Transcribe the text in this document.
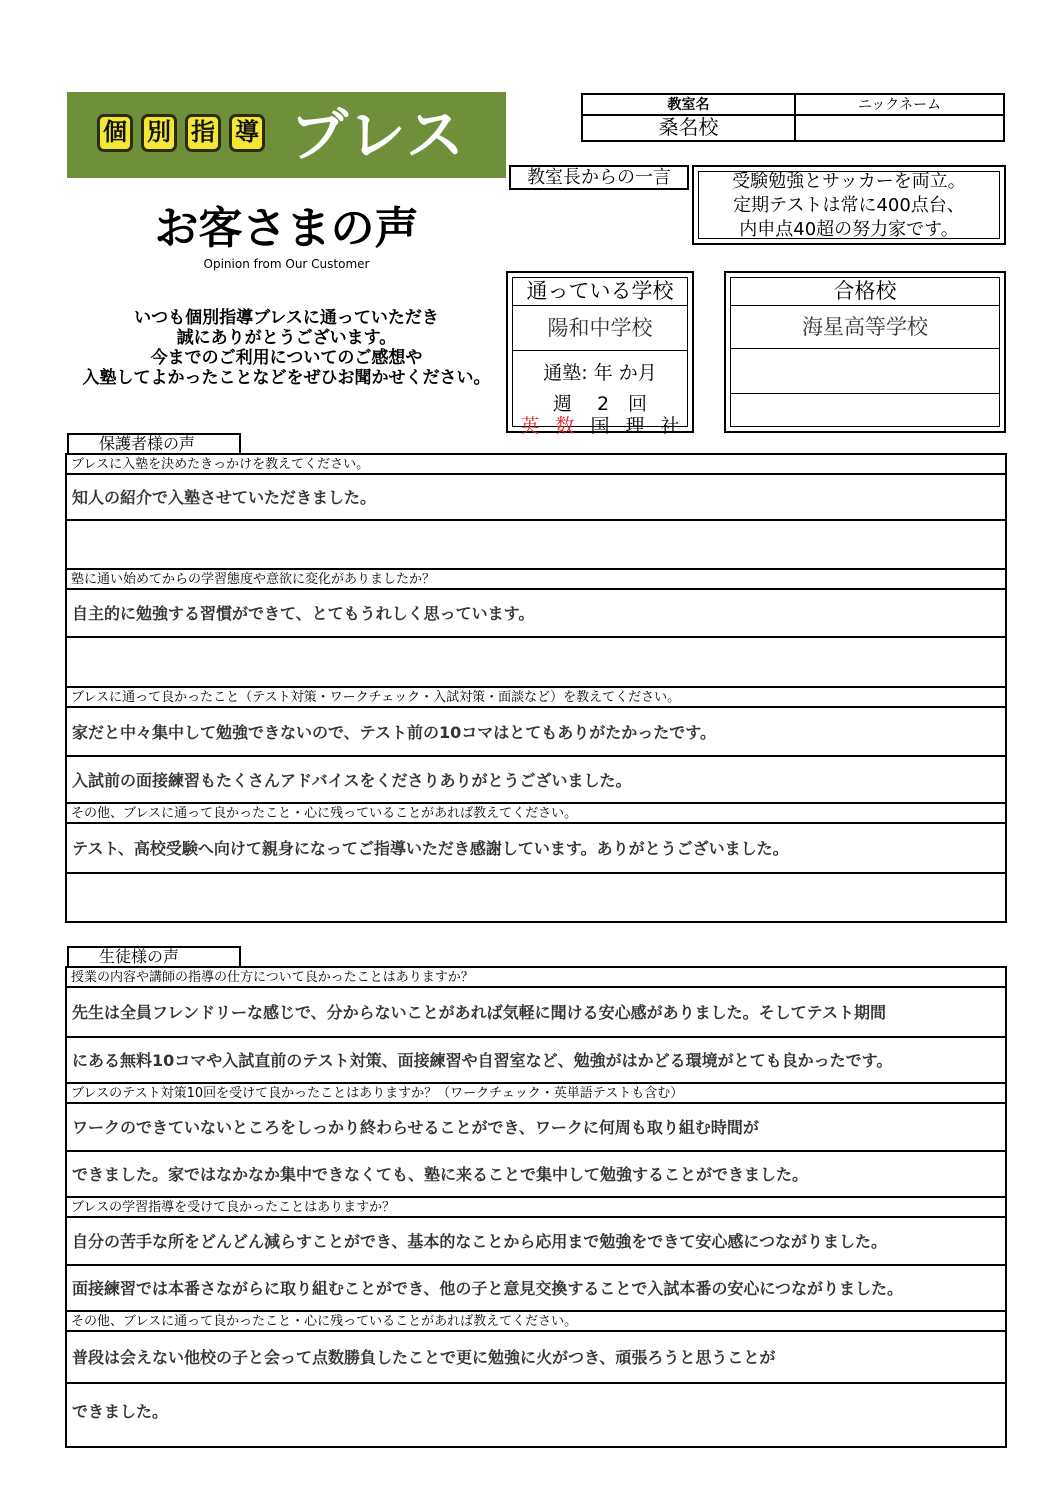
個 別 指 導 ブレス
お客さまの声
Opinion from Our Customer
いつも個別指導ブレスに通っていただき
誠にありがとうございます。
今までのご利用についてのご感想や
入塾してよかったことなどをぜひお聞かせください。
教室名	ニックネーム
桑名校
教室長からの一言	受験勉強とサッカーを両立。
定期テストは常に400点台、
内申点40超の努力家です。
通っている学校
陽和中学校
通塾: 年 か月
週　 2　回
英 数 国 理 社
合格校
海星高等学校
保護者様の声
ブレスに入塾を決めたきっかけを教えてください。
知人の紹介で入塾させていただきました。
塾に通い始めてからの学習態度や意欲に変化がありましたか？
自主的に勉強する習慣ができて、とてもうれしく思っています。
ブレスに通って良かったこと（テスト対策・ワークチェック・入試対策・面談など）を教えてください。
家だと中々集中して勉強できないので、テスト前の10コマはとてもありがたかったです。
入試前の面接練習もたくさんアドバイスをくださりありがとうございました。
その他、ブレスに通って良かったこと・心に残っていることがあれば教えてください。
テスト、高校受験へ向けて親身になってご指導いただき感謝しています。ありがとうございました。
生徒様の声
授業の内容や講師の指導の仕方について良かったことはありますか？
先生は全員フレンドリーな感じで、分からないことがあれば気軽に聞ける安心感がありました。そしてテスト期間
にある無料10コマや入試直前のテスト対策、面接練習や自習室など、勉強がはかどる環境がとても良かったです。
ブレスのテスト対策10回を受けて良かったことはありますか？（ワークチェック・英単語テストも含む）
ワークのできていないところをしっかり終わらせることができ、ワークに何周も取り組む時間が
できました。家ではなかなか集中できなくても、塾に来ることで集中して勉強することができました。
ブレスの学習指導を受けて良かったことはありますか？
自分の苦手な所をどんどん減らすことができ、基本的なことから応用まで勉強をできて安心感につながりました。
面接練習では本番さながらに取り組むことができ、他の子と意見交換することで入試本番の安心につながりました。
その他、ブレスに通って良かったこと・心に残っていることがあれば教えてください。
普段は会えない他校の子と会って点数勝負したことで更に勉強に火がつき、頑張ろうと思うことが
できました。
